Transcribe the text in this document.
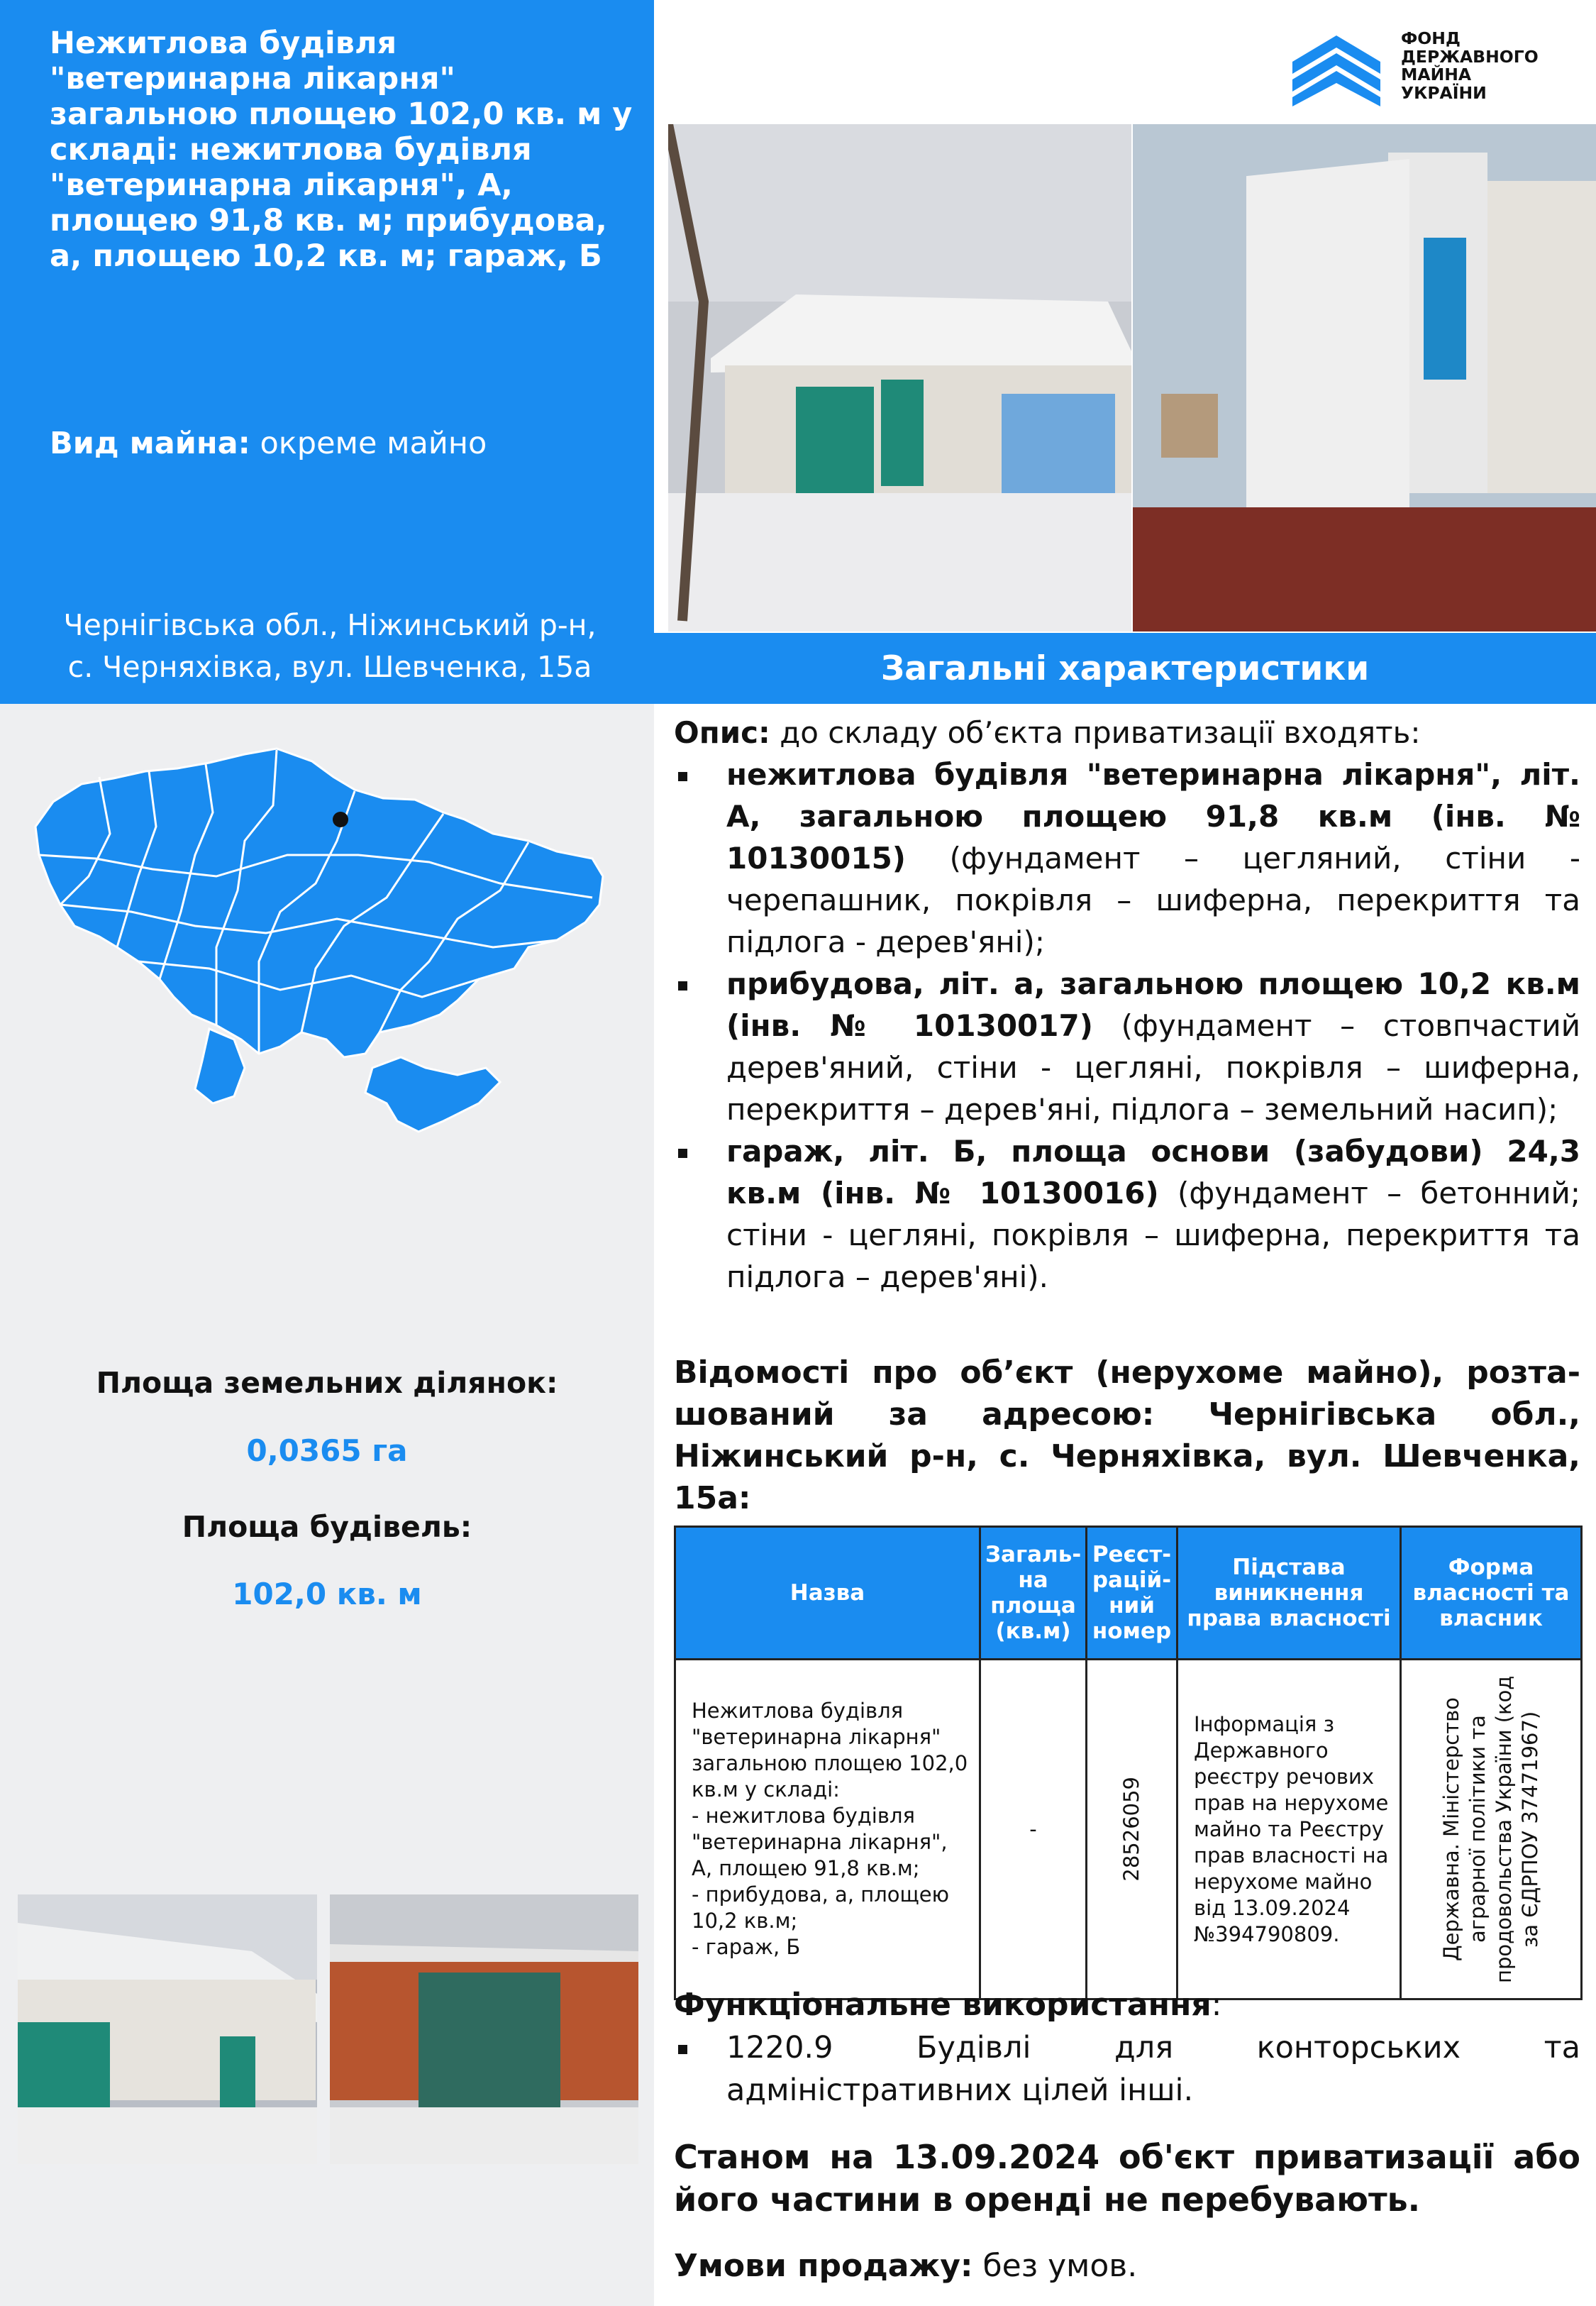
Нежитлова будівля "ветеринарна лікарня" загальною площею 102,0 кв. м у складі: нежитлова будівля "ветеринарна лікарня", А, площею 91,8 кв. м; прибудова, а, площею 10,2 кв. м; гараж, Б
Вид майна: окреме майно
Чернігівська обл., Ніжинський р-н,
с. Черняхівка, вул. Шевченка, 15а
Площа земельних ділянок:
0,0365 га
Площа будівель:
102,0 кв. м
ФОНД
ДЕРЖАВНОГО
МАЙНА
УКРАЇНИ
Загальні характеристики
Опис: до складу об’єкта приватизації входять:
нежитлова будівля "ветеринарна лікарня", літ. А, загальною площею 91,8 кв.м (інв. № 10130015) (фундамент – цегляний, стіни - черепашник, покрівля – шиферна, перекриття та підлога - дерев'яні);
прибудова, літ. а, загальною площею 10,2 кв.м (інв. № 10130017) (фундамент – стовпчастий дерев'яний, стіни - цегляні, покрівля – шиферна, перекриття – дерев'яні, підлога – земельний насип);
гараж, літ. Б, площа основи (забудови) 24,3 кв.м (інв. № 10130016) (фундамент – бетонний; стіни - цегляні, покрівля – шиферна, перекриття та підлога – дерев'яні).
Відомості про об’єкт (нерухоме майно), розта-шований за адресою: Чернігівська обл., Ніжинський р-н, с. Черняхівка, вул. Шевченка, 15а:
Назва	Загаль-на площа (кв.м)	Реєст-рацій-ний номер	Підстава виникнення права власності	Форма власності та власник
Нежитлова будівля "ветеринарна лікарня" загальною площею 102,0 кв.м у складі:
- нежитлова будівля "ветеринарна лікарня", А, площею 91,8 кв.м;
- прибудова, а, площею 10,2 кв.м;
- гараж, Б	-	28526059	Інформація з Державного реєстру речових прав на нерухоме майно та Реєстру прав власності на нерухоме майно від 13.09.2024 №394790809.	Державна. Міністерство аграрної політики та продовольства України (код за ЄДРПОУ 37471967)
Функціональне використання:
1220.9 Будівлі для конторських та адміністративних цілей інші.
Станом на 13.09.2024 об'єкт приватизації або його частини в оренді не перебувають.
Умови продажу: без умов.
